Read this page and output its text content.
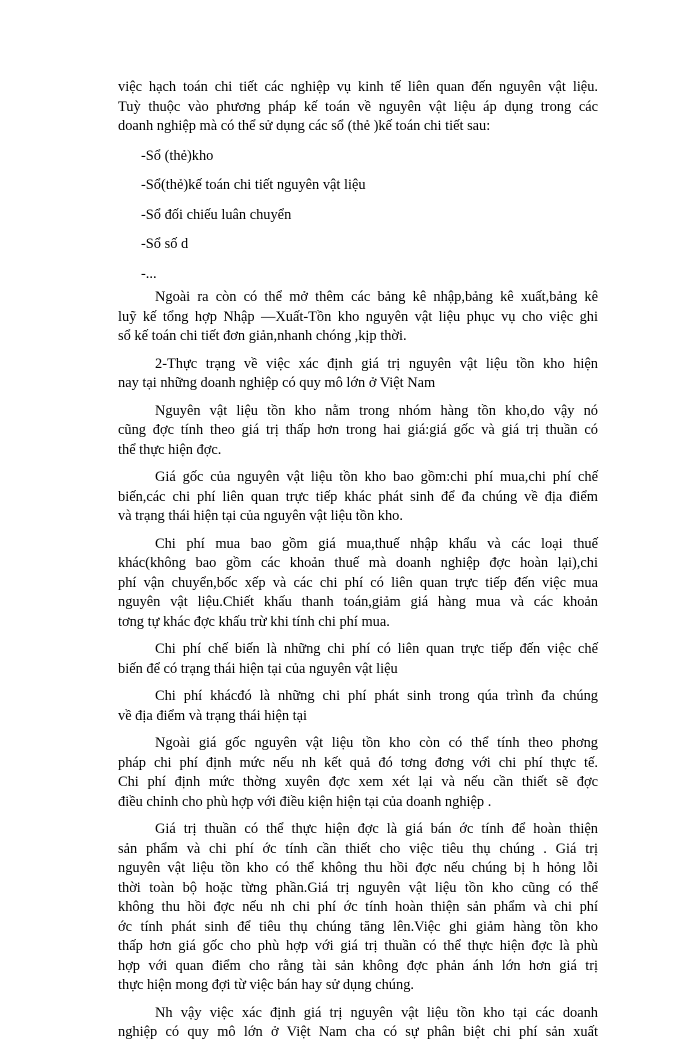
việc hạch toán chi tiết các nghiệp vụ kinh tế liên quan đến nguyên vật liệu.
Tuỳ thuộc vào phương pháp kế toán về nguyên vật liệu áp dụng trong các
doanh nghiệp mà có thể sử dụng các sổ (thẻ )kế toán chi tiết sau:

-Sổ (thẻ)kho

-Sổ(thẻ)kế toán chi tiết nguyên vật liệu

-Sổ đối chiếu luân chuyển

-Sổ số d

-...

Ngoài ra còn có thể mở thêm các bảng kê nhập,bảng kê xuất,bảng kê
luỹ kế tổng hợp Nhập —Xuất-Tồn kho nguyên vật liệu phục vụ cho việc ghi
sổ kế toán chi tiết đơn giản,nhanh chóng ,kịp thời.
2-Thực trạng về việc xác định giá trị nguyên vật liệu tồn kho hiện
nay tại những doanh nghiệp có quy mô lớn ở Việt Nam
Nguyên vật liệu tồn kho nằm trong nhóm hàng tồn kho,do vậy nó
cũng đợc tính theo giá trị thấp hơn trong hai giá:giá gốc và giá trị thuần có
thể thực hiện đợc.
Giá gốc của nguyên vật liệu tồn kho bao gồm:chi phí mua,chi phí chế
biến,các chi phí liên quan trực tiếp khác phát sinh để đa chúng về địa điểm
và trạng thái hiện tại của nguyên vật liệu tồn kho.
Chi phí mua bao gồm giá mua,thuế nhập khẩu và các loại thuế
khác(không bao gồm các khoản thuế mà doanh nghiệp đợc hoàn lại),chi
phí vận chuyển,bốc xếp và các chi phí có liên quan trực tiếp đến việc mua
nguyên vật liệu.Chiết khấu thanh toán,giảm giá hàng mua và các khoản
tơng tự khác đợc khấu trừ khi tính chi phí mua.
Chi phí chế biến là những chi phí có liên quan trực tiếp đến việc chế
biến để có trạng thái hiện tại của nguyên vật liệu
Chi phí khácđó là những chi phí phát sinh trong qúa trình đa chúng
về địa điểm và trạng thái hiện tại
Ngoài giá gốc nguyên vật liệu tồn kho còn có thể tính theo phơng
pháp chi phí định mức nếu nh kết quả đó tơng đơng với chi phí thực tế.
Chi phí định mức thờng xuyên đợc xem xét lại và nếu cần thiết sẽ đợc
điều chỉnh cho phù hợp với điều kiện hiện tại của doanh nghiệp .
Giá trị thuần có thể thực hiện đợc là giá bán ớc tính để hoàn thiện
sản phẩm và chi phí ớc tính cần thiết cho việc tiêu thụ chúng . Giá trị
nguyên vật liệu tồn kho có thể không thu hồi đợc nếu chúng bị h hỏng lỗi
thời toàn bộ hoặc từng phần.Giá trị nguyên vật liệu tồn kho cũng có thể
không thu hồi đợc nếu nh chi phí ớc tính hoàn thiện sản phẩm và chi phí
ớc tính phát sinh để tiêu thụ chúng tăng lên.Việc ghi giảm hàng tồn kho
thấp hơn giá gốc cho phù hợp với giá trị thuần có thể thực hiện đợc là phù
hợp với quan điểm cho rằng tài sản không đợc phản ánh lớn hơn giá trị
thực hiện mong đợi từ việc bán hay sử dụng chúng.
Nh vậy việc xác định giá trị nguyên vật liệu tồn kho tại các doanh
nghiệp có quy mô lớn ở Việt Nam cha có sự phân biệt chi phí sản xuất
